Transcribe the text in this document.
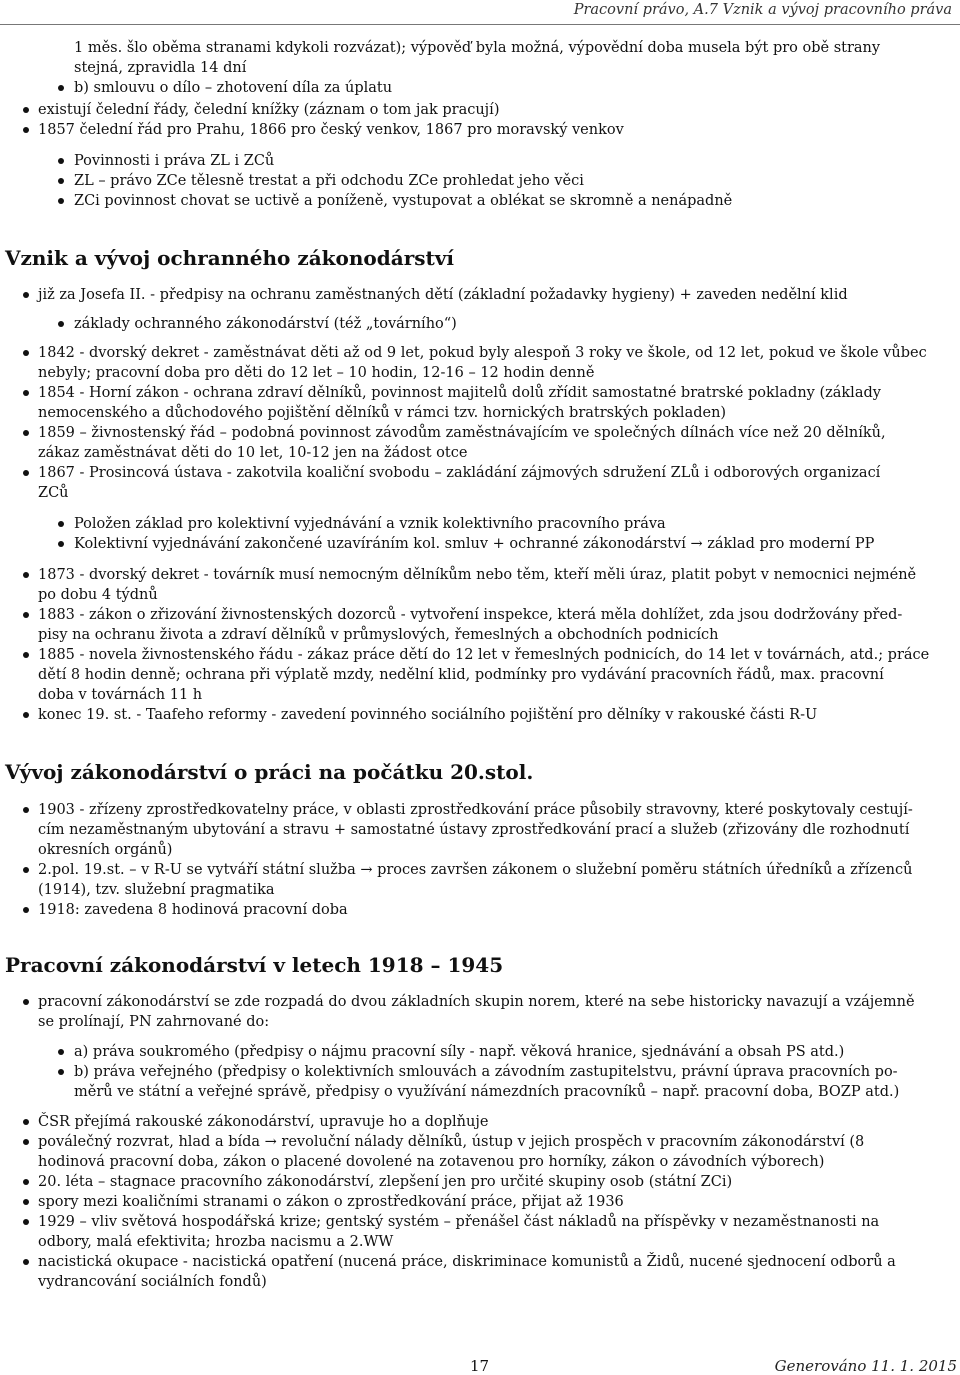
Pracovní právo, A.7 Vznik a vývoj pracovního práva
1 měs. šlo oběma stranami kdykoli rozvázat); výpověď byla možná, výpovědní doba musela být pro obě strany
stejná, zpravidla 14 dní
b) smlouvu o dílo – zhotovení díla za úplatu
existují čelední řády, čelední knížky (záznam o tom jak pracují)
1857 čelední řád pro Prahu, 1866 pro český venkov, 1867 pro moravský venkov
Povinnosti i práva ZL i ZCů
ZL – právo ZCe tělesně trestat a při odchodu ZCe prohledat jeho věci
ZCi povinnost chovat se uctivě a poníženě, vystupovat a oblékat se skromně a nenápadně
Vznik a vývoj ochranného zákonodárství
již za Josefa II. - předpisy na ochranu zaměstnaných dětí (základní požadavky hygieny) + zaveden nedělní klid
základy ochranného zákonodárství (též „továrního“)
1842 - dvorský dekret - zaměstnávat děti až od 9 let, pokud byly alespoň 3 roky ve škole, od 12 let, pokud ve škole vůbec
nebyly; pracovní doba pro děti do 12 let – 10 hodin, 12-16 – 12 hodin denně
1854 - Horní zákon - ochrana zdraví dělníků, povinnost majitelů dolů zřídit samostatné bratrské pokladny (základy
nemocenského a důchodového pojištění dělníků v rámci tzv. hornických bratrských pokladen)
1859 – živnostenský řád – podobná povinnost závodům zaměstnávajícím ve společných dílnách více než 20 dělníků,
zákaz zaměstnávat děti do 10 let, 10-12 jen na žádost otce
1867 - Prosincová ústava - zakotvila koaliční svobodu – zakládání zájmových sdružení ZLů i odborových organizací
ZCů
Položen základ pro kolektivní vyjednávání a vznik kolektivního pracovního práva
Kolektivní vyjednávání zakončené uzavíráním kol. smluv + ochranné zákonodárství → základ pro moderní PP
1873 - dvorský dekret - továrník musí nemocným dělníkům nebo těm, kteří měli úraz, platit pobyt v nemocnici nejméně
po dobu 4 týdnů
1883 - zákon o zřizování živnostenských dozorců - vytvoření inspekce, která měla dohlížet, zda jsou dodržovány před-
pisy na ochranu života a zdraví dělníků v průmyslových, řemeslných a obchodních podnicích
1885 - novela živnostenského řádu - zákaz práce dětí do 12 let v řemeslných podnicích, do 14 let v továrnách, atd.; práce
dětí 8 hodin denně; ochrana při výplatě mzdy, nedělní klid, podmínky pro vydávání pracovních řádů, max. pracovní
doba v továrnách 11 h
konec 19. st. - Taafeho reformy - zavedení povinného sociálního pojištění pro dělníky v rakouské části R-U
Vývoj zákonodárství o práci na počátku 20.stol.
1903 - zřízeny zprostředkovatelny práce, v oblasti zprostředkování práce působily stravovny, které poskytovaly cestují-
cím nezaměstnaným ubytování a stravu + samostatné ústavy zprostředkování prací a služeb (zřizovány dle rozhodnutí
okresních orgánů)
2.pol. 19.st. – v R-U se vytváří státní služba → proces završen zákonem o služební poměru státních úředníků a zřízenců
(1914), tzv. služební pragmatika
1918: zavedena 8 hodinová pracovní doba
Pracovní zákonodárství v letech 1918 – 1945
pracovní zákonodárství se zde rozpadá do dvou základních skupin norem, které na sebe historicky navazují a vzájemně
se prolínají, PN zahrnované do:
a) práva soukromého (předpisy o nájmu pracovní síly - např. věková hranice, sjednávání a obsah PS atd.)
b) práva veřejného (předpisy o kolektivních smlouvách a závodním zastupitelstvu, právní úprava pracovních po-
měrů ve státní a veřejné správě, předpisy o využívání námezdních pracovníků – např. pracovní doba, BOZP atd.)
ČSR přejímá rakouské zákonodárství, upravuje ho a doplňuje
poválečný rozvrat, hlad a bída → revoluční nálady dělníků, ústup v jejich prospěch v pracovním zákonodárství (8
hodinová pracovní doba, zákon o placené dovolené na zotavenou pro horníky, zákon o závodních výborech)
20. léta – stagnace pracovního zákonodárství, zlepšení jen pro určité skupiny osob (státní ZCi)
spory mezi koaličními stranami o zákon o zprostředkování práce, přijat až 1936
1929 – vliv světová hospodářská krize; gentský systém – přenášel část nákladů na příspěvky v nezaměstnanosti na
odbory, malá efektivita; hrozba nacismu a 2.WW
nacistická okupace - nacistická opatření (nucená práce, diskriminace komunistů a Židů, nucené sjednocení odborů a
vydrancování sociálních fondů)
17	Generováno 11. 1. 2015
